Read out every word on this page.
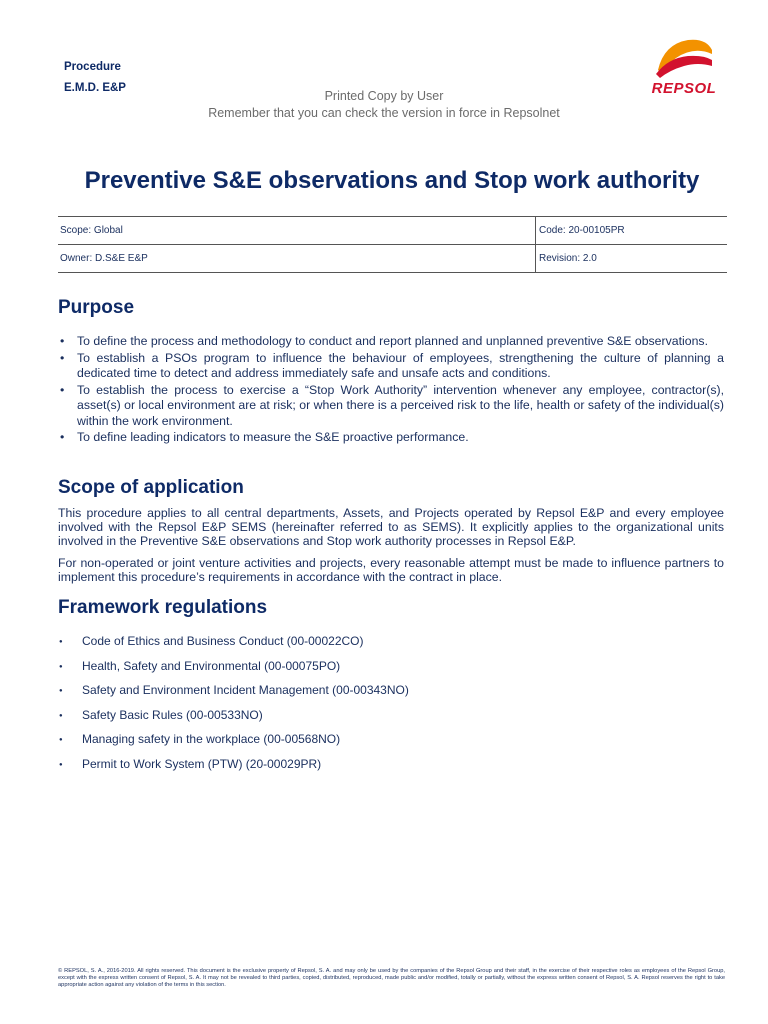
Procedure
E.M.D. E&P
Printed Copy by User
Remember that you can check the version in force in Repsolnet
REPSOL
Preventive S&E observations and Stop work authority
Scope: Global	Code: 20-00105PR
Owner: D.S&E E&P	Revision: 2.0
Purpose
• To define the process and methodology to conduct and report planned and unplanned preventive S&E observations.
• To establish a PSOs program to influence the behaviour of employees, strengthening the culture of planning a dedicated time to detect and address immediately safe and unsafe acts and conditions.
• To establish the process to exercise a “Stop Work Authority” intervention whenever any employee, contractor(s), asset(s) or local environment are at risk; or when there is a perceived risk to the life, health or safety of the individual(s) within the work environment.
• To define leading indicators to measure the S&E proactive performance.
Scope of application

This procedure applies to all central departments, Assets, and Projects operated by Repsol E&P and every employee involved with the Repsol E&P SEMS (hereinafter referred to as SEMS). It explicitly applies to the organizational units involved in the Preventive S&E observations and Stop work authority processes in Repsol E&P.

For non-operated or joint venture activities and projects, every reasonable attempt must be made to influence partners to implement this procedure’s requirements in accordance with the contract in place.

Framework regulations
● Code of Ethics and Business Conduct (00-00022CO)
● Health, Safety and Environmental (00-00075PO)
● Safety and Environment Incident Management (00-00343NO)
● Safety Basic Rules (00-00533NO)
● Managing safety in the workplace (00-00568NO)
● Permit to Work System (PTW) (20-00029PR)
© REPSOL, S. A., 2016-2019. All rights reserved. This document is the exclusive property of Repsol, S. A. and may only be used by the companies of the Repsol Group and their staff, in the exercise of their respective roles as employees of the Repsol Group, except with the express written consent of Repsol, S. A. It may not be revealed to third parties, copied, distributed, reproduced, made public and/or modified, totally or partially, without the express written consent of Repsol, S. A. Repsol reserves the right to take appropriate action against any violation of the terms in this section.
